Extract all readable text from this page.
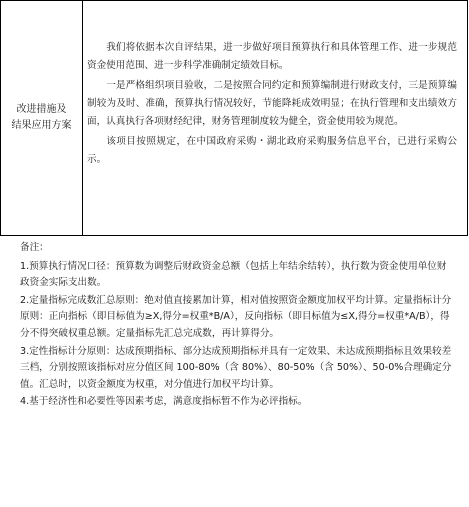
改进措施及
结果应用方案

我们将依据本次自评结果，进一步做好项目预算执行和具体管理工作、进一步规范资金使用范围、进一步科学准确制定绩效目标。

一是严格组织项目验收，二是按照合同约定和预算编制进行财政支付，三是预算编制较为及时、准确，预算执行情况较好，节能降耗成效明显；在执行管理和支出绩效方面，认真执行各项财经纪律，财务管理制度较为健全，资金使用较为规范。

该项目按照规定，在中国政府采购・湖北政府采购服务信息平台，已进行采购公示。

备注：

1.预算执行情况口径：预算数为调整后财政资金总额（包括上年结余结转），执行数为资金使用单位财政资金实际支出数。

2.定量指标完成数汇总原则：绝对值直接累加计算，相对值按照资金额度加权平均计算。定量指标计分原则：正向指标（即目标值为≥X,得分=权重*B/A），反向指标（即目标值为≤X,得分=权重*A/B），得分不得突破权重总额。定量指标先汇总完成数，再计算得分。

3.定性指标计分原则：达成预期指标、部分达成预期指标并具有一定效果、未达成预期指标且效果较差三档，分别按照该指标对应分值区间 100-80%（含 80%）、80-50%（含 50%）、50-0%合理确定分值。汇总时，以资金额度为权重，对分值进行加权平均计算。

4.基于经济性和必要性等因素考虑，满意度指标暂不作为必评指标。
